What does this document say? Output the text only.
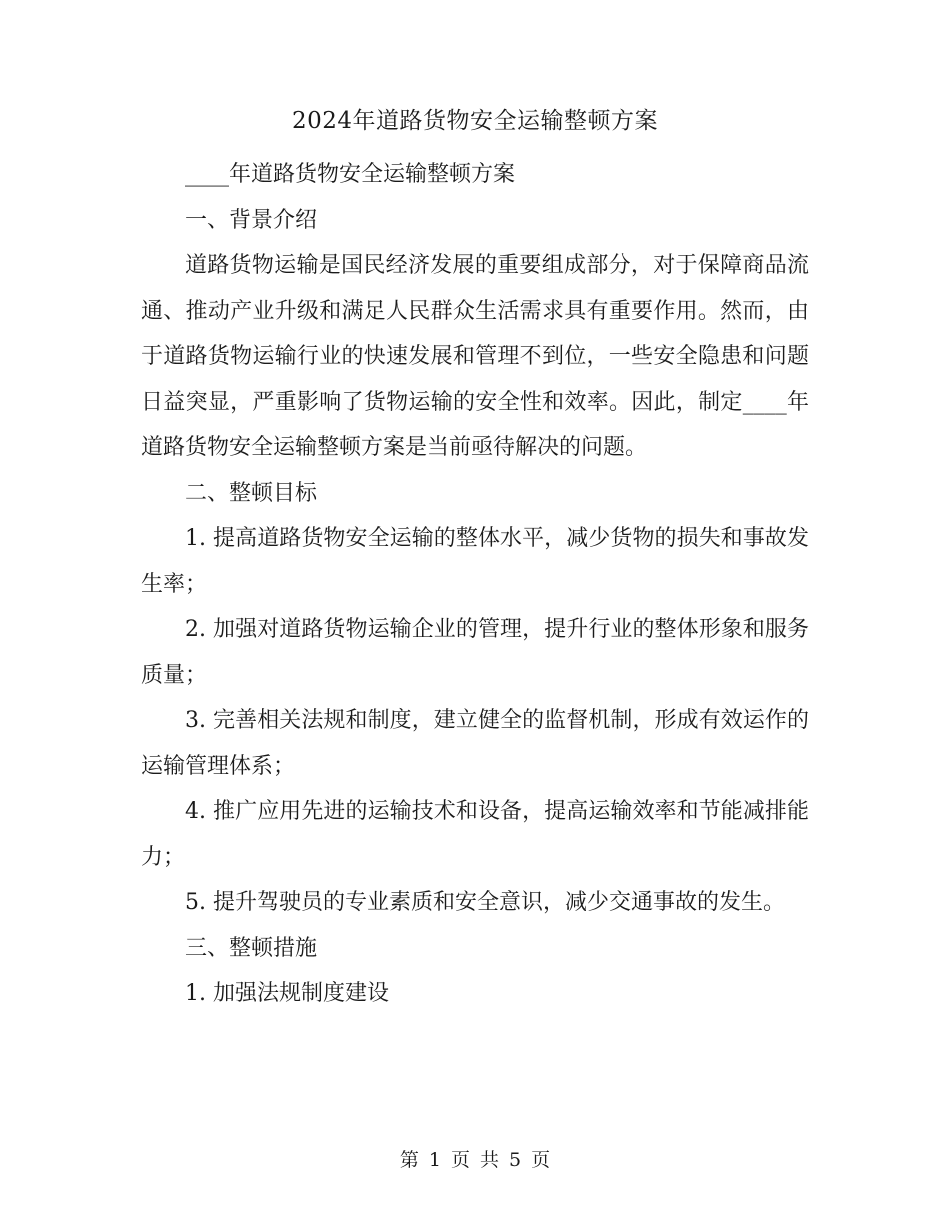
2024年道路货物安全运输整顿方案

____年道路货物安全运输整顿方案

一、背景介绍

道路货物运输是国民经济发展的重要组成部分，对于保障商品流通、推动产业升级和满足人民群众生活需求具有重要作用。然而，由于道路货物运输行业的快速发展和管理不到位，一些安全隐患和问题日益突显，严重影响了货物运输的安全性和效率。因此，制定____年道路货物安全运输整顿方案是当前亟待解决的问题。

二、整顿目标

1. 提高道路货物安全运输的整体水平，减少货物的损失和事故发生率；

2. 加强对道路货物运输企业的管理，提升行业的整体形象和服务质量；

3. 完善相关法规和制度，建立健全的监督机制，形成有效运作的运输管理体系；

4. 推广应用先进的运输技术和设备，提高运输效率和节能减排能力；

5. 提升驾驶员的专业素质和安全意识，减少交通事故的发生。

三、整顿措施

1. 加强法规制度建设

第 1 页 共 5 页
